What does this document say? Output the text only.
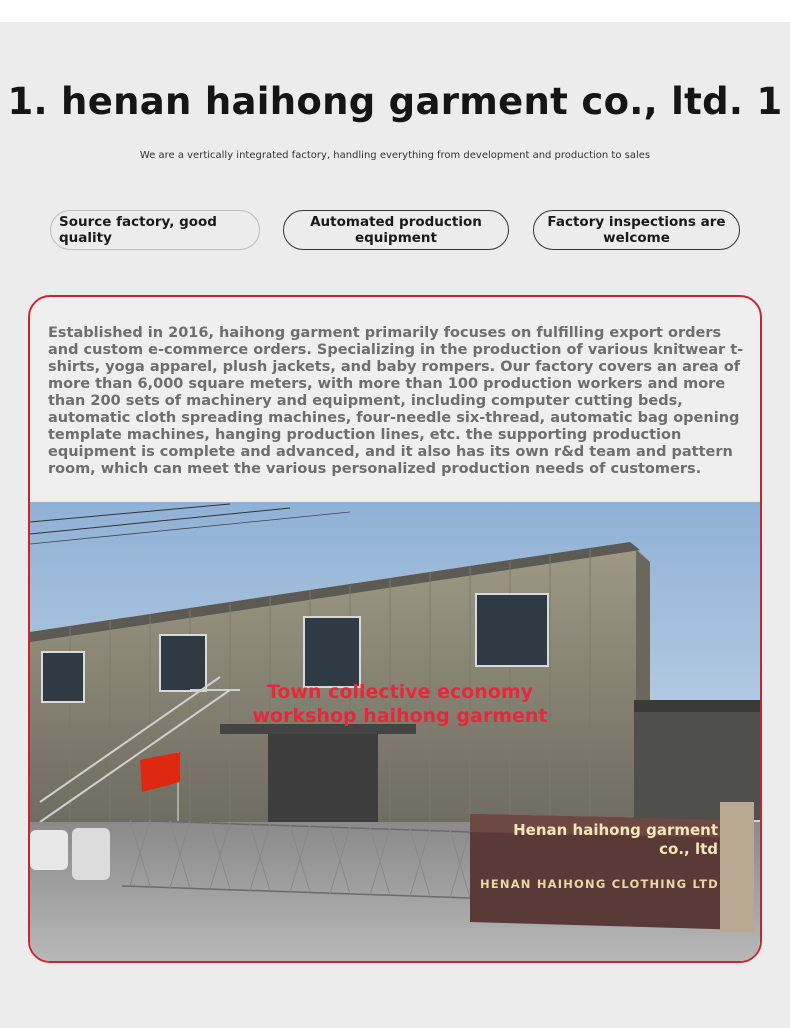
1. henan haihong garment co., ltd. 1

We are a vertically integrated factory, handling everything from development and production to sales

Source factory, good quality
Automated production equipment
Factory inspections are welcome

Established in 2016, haihong garment primarily focuses on fulfilling export orders and custom e-commerce orders. Specializing in the production of various knitwear t-shirts, yoga apparel, plush jackets, and baby rompers. Our factory covers an area of more than 6,000 square meters, with more than 100 production workers and more than 200 sets of machinery and equipment, including computer cutting beds, automatic cloth spreading machines, four-needle six-thread, automatic bag opening template machines, hanging production lines, etc. the supporting production equipment is complete and advanced, and it also has its own r&d team and pattern room, which can meet the various personalized production needs of customers.

Town collective economy workshop haihong garment

Henan haihong garment co., ltd

HENAN HAIHONG CLOTHING LTD
